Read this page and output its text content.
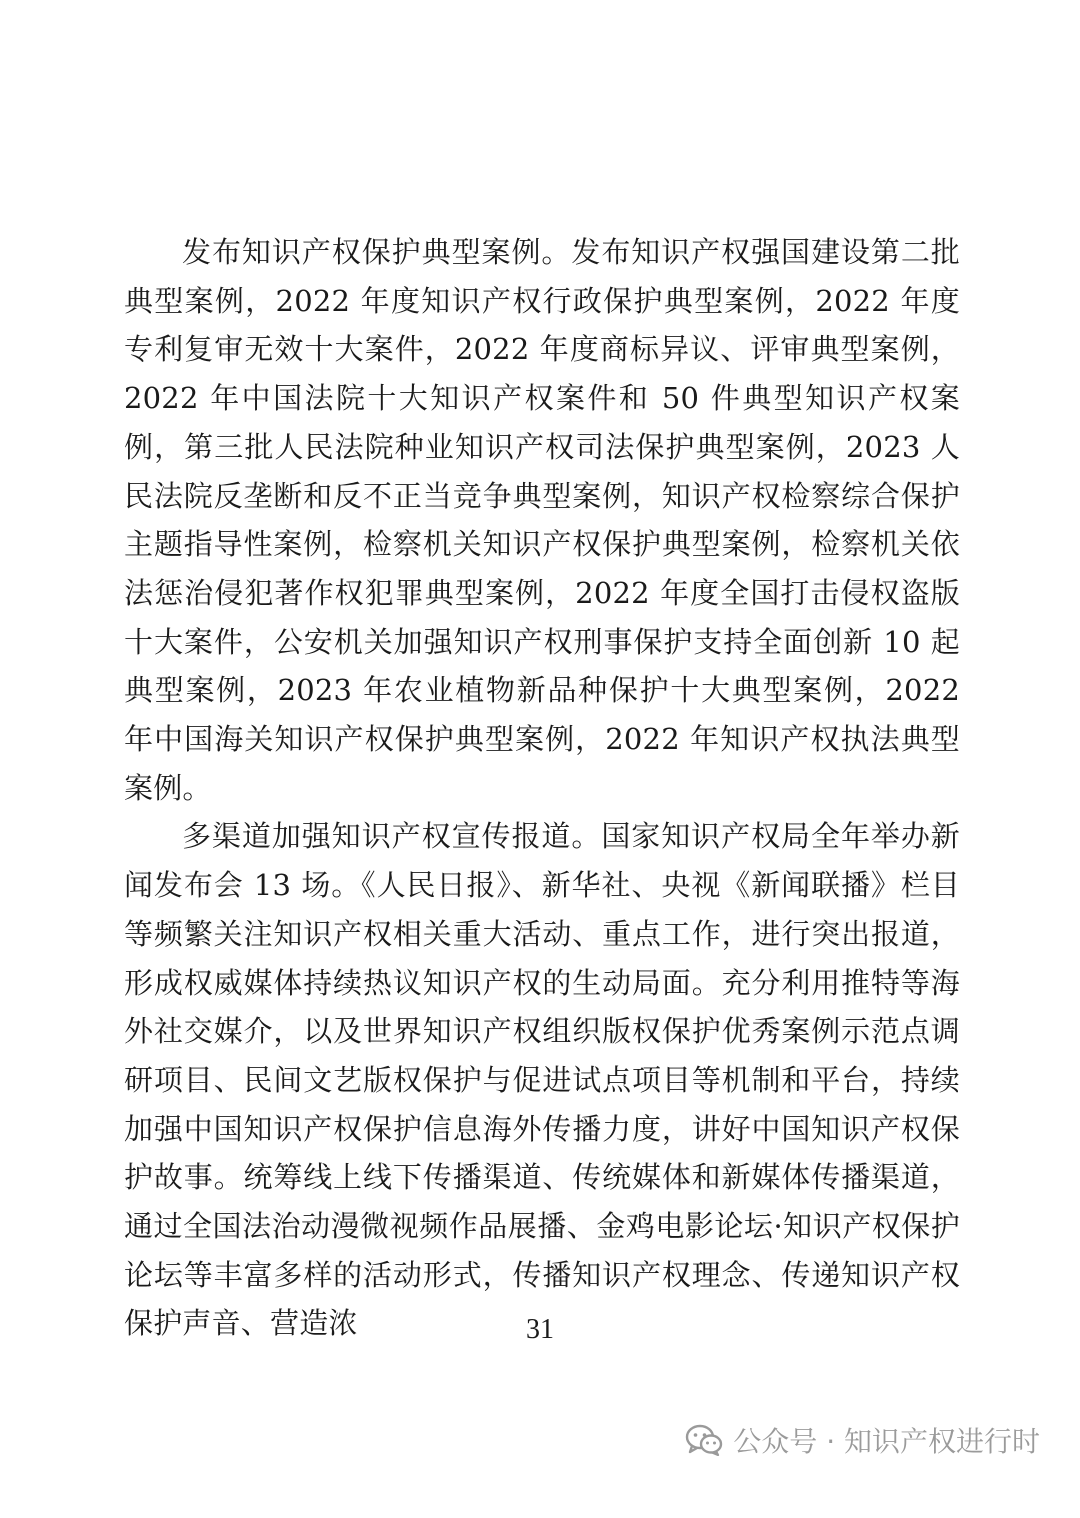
发布知识产权保护典型案例。发布知识产权强国建设第二批典型案例，2022 年度知识产权行政保护典型案例，2022 年度专利复审无效十大案件，2022 年度商标异议、评审典型案例，2022 年中国法院十大知识产权案件和 50 件典型知识产权案例，第三批人民法院种业知识产权司法保护典型案例，2023 人民法院反垄断和反不正当竞争典型案例，知识产权检察综合保护主题指导性案例，检察机关知识产权保护典型案例，检察机关依法惩治侵犯著作权犯罪典型案例，2022 年度全国打击侵权盗版十大案件，公安机关加强知识产权刑事保护支持全面创新 10 起典型案例，2023 年农业植物新品种保护十大典型案例，2022 年中国海关知识产权保护典型案例，2022 年知识产权执法典型案例。

多渠道加强知识产权宣传报道。国家知识产权局全年举办新闻发布会 13 场。《人民日报》、新华社、央视《新闻联播》栏目等频繁关注知识产权相关重大活动、重点工作，进行突出报道，形成权威媒体持续热议知识产权的生动局面。充分利用推特等海外社交媒介，以及世界知识产权组织版权保护优秀案例示范点调研项目、民间文艺版权保护与促进试点项目等机制和平台，持续加强中国知识产权保护信息海外传播力度，讲好中国知识产权保护故事。统筹线上线下传播渠道、传统媒体和新媒体传播渠道，通过全国法治动漫微视频作品展播、金鸡电影论坛·知识产权保护论坛等丰富多样的活动形式，传播知识产权理念、传递知识产权保护声音、营造浓	31
公众号 · 知识产权进行时
